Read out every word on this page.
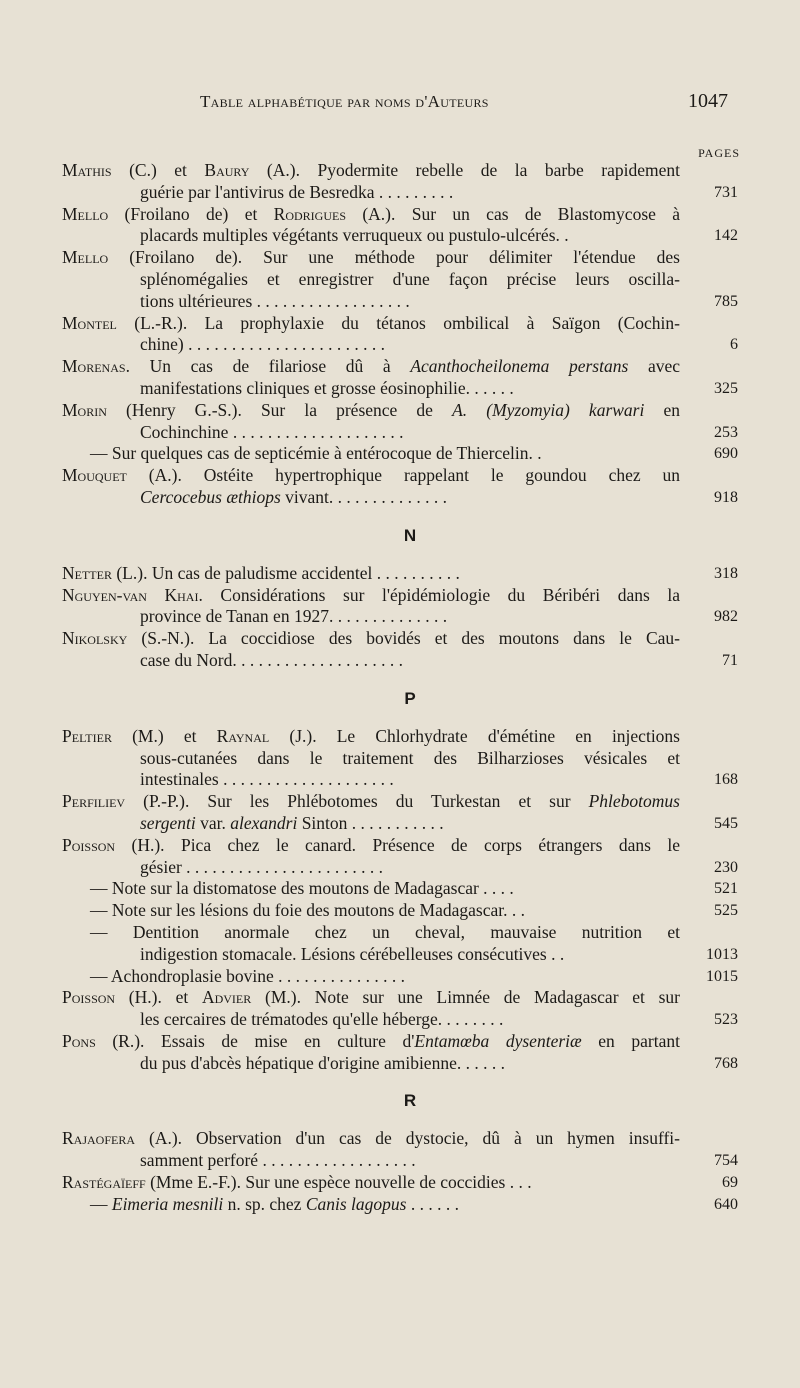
Table alphabétique par noms d'Auteurs	1047
PAGES
Mathis (C.) et Baury (A.). Pyodermite rebelle de la barbe rapidement
guérie par l'antivirus de Besredka . . . . . . . . .	731
Mello (Froilano de) et Rodrigues (A.). Sur un cas de Blastomycose à
placards multiples végétants verruqueux ou pustulo-ulcérés. .	142
Mello (Froilano de). Sur une méthode pour délimiter l'étendue des
splénomégalies et enregistrer d'une façon précise leurs oscilla-
tions ultérieures . . . . . . . . . . . . . . . . . .	785
Montel (L.-R.). La prophylaxie du tétanos ombilical à Saïgon (Cochin-
chine) . . . . . . . . . . . . . . . . . . . . . . .	6
Morenas. Un cas de filariose dû à Acanthocheilonema perstans avec
manifestations cliniques et grosse éosinophilie. . . . . .	325
Morin (Henry G.-S.). Sur la présence de A. (Myzomyia) karwari en
Cochinchine . . . . . . . . . . . . . . . . . . . .	253
— Sur quelques cas de septicémie à entérocoque de Thiercelin. .	690
Mouquet (A.). Ostéite hypertrophique rappelant le goundou chez un
Cercocebus æthiops vivant. . . . . . . . . . . . . .	918
N
Netter (L.). Un cas de paludisme accidentel . . . . . . . . . .	318
Nguyen-van Khai. Considérations sur l'épidémiologie du Béribéri dans la
province de Tanan en 1927. . . . . . . . . . . . . .	982
Nikolsky (S.-N.). La coccidiose des bovidés et des moutons dans le Cau-
case du Nord. . . . . . . . . . . . . . . . . . . .	71
P
Peltier (M.) et Raynal (J.). Le Chlorhydrate d'émétine en injections
sous-cutanées dans le traitement des Bilharzioses vésicales et
intestinales . . . . . . . . . . . . . . . . . . . .	168
Perfiliev (P.-P.). Sur les Phlébotomes du Turkestan et sur Phlebotomus
sergenti var. alexandri Sinton . . . . . . . . . . .	545
Poisson (H.). Pica chez le canard. Présence de corps étrangers dans le
gésier . . . . . . . . . . . . . . . . . . . . . . .	230
— Note sur la distomatose des moutons de Madagascar . . . .	521
— Note sur les lésions du foie des moutons de Madagascar. . .	525
— Dentition anormale chez un cheval, mauvaise nutrition et
indigestion stomacale. Lésions cérébelleuses consécutives . .	1013
— Achondroplasie bovine . . . . . . . . . . . . . . .	1015
Poisson (H.). et Advier (M.). Note sur une Limnée de Madagascar et sur
les cercaires de trématodes qu'elle héberge. . . . . . . .	523
Pons (R.). Essais de mise en culture d'Entamœba dysenteriæ en partant
du pus d'abcès hépatique d'origine amibienne. . . . . .	768
R
Rajaofera (A.). Observation d'un cas de dystocie, dû à un hymen insuffi-
samment perforé . . . . . . . . . . . . . . . . . .	754
Rastégaïeff (Mme E.-F.). Sur une espèce nouvelle de coccidies . . .	69
— Eimeria mesnili n. sp. chez Canis lagopus . . . . . .	640
